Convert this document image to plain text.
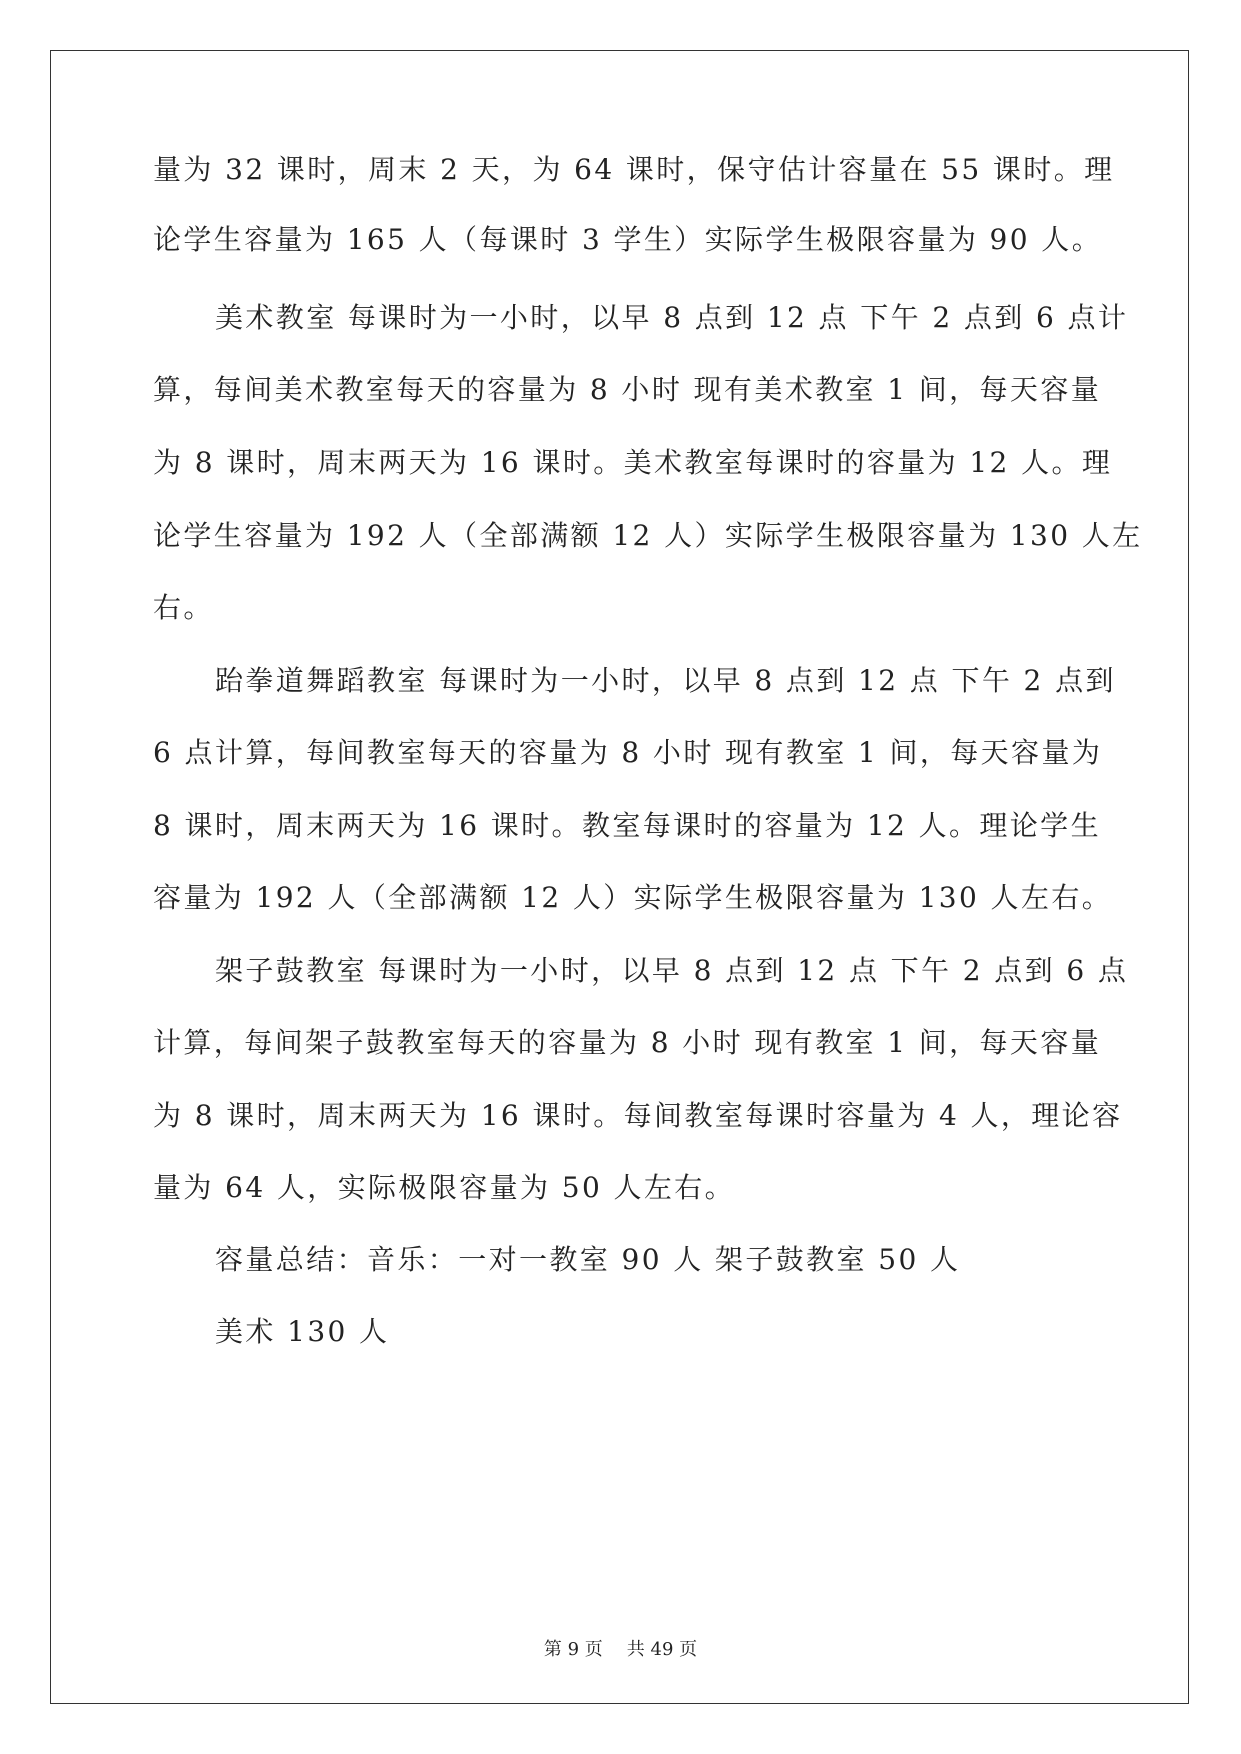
量为 32 课时，周末 2 天，为 64 课时，保守估计容量在 55 课时。理
论学生容量为 165 人（每课时 3 学生）实际学生极限容量为 90 人。
美术教室 每课时为一小时，以早 8 点到 12 点 下午 2 点到 6 点计
算，每间美术教室每天的容量为 8 小时 现有美术教室 1 间，每天容量
为 8 课时，周末两天为 16 课时。美术教室每课时的容量为 12 人。理
论学生容量为 192 人（全部满额 12 人）实际学生极限容量为 130 人左
右。
跆拳道舞蹈教室 每课时为一小时，以早 8 点到 12 点 下午 2 点到
6 点计算，每间教室每天的容量为 8 小时 现有教室 1 间，每天容量为
8 课时，周末两天为 16 课时。教室每课时的容量为 12 人。理论学生
容量为 192 人（全部满额 12 人）实际学生极限容量为 130 人左右。
架子鼓教室 每课时为一小时，以早 8 点到 12 点 下午 2 点到 6 点
计算，每间架子鼓教室每天的容量为 8 小时 现有教室 1 间，每天容量
为 8 课时，周末两天为 16 课时。每间教室每课时容量为 4 人，理论容
量为 64 人，实际极限容量为 50 人左右。
容量总结：音乐：一对一教室 90 人 架子鼓教室 50 人
美术 130 人
第 9 页 共 49 页
